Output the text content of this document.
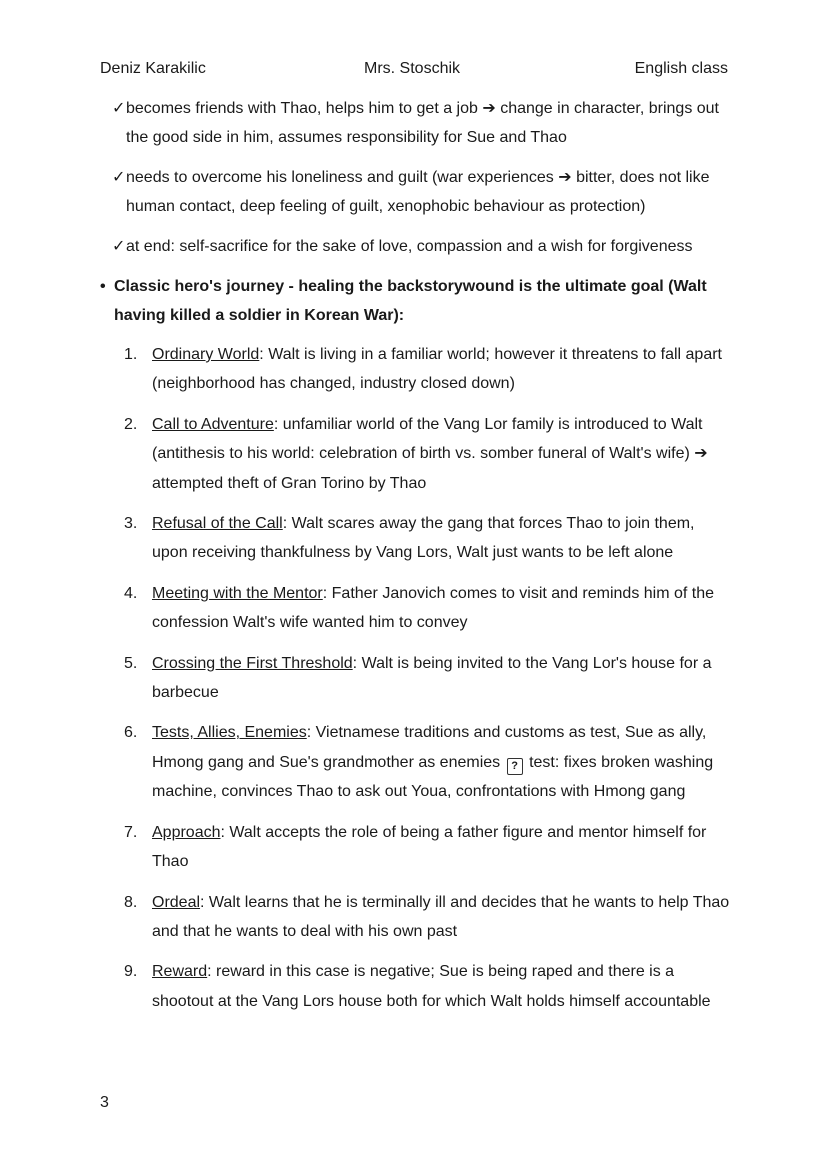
Deniz Karakilic	Mrs. Stoschik	English class
✓ becomes friends with Thao, helps him to get a job ➔ change in character, brings out the good side in him, assumes responsibility for Sue and Thao
✓ needs to overcome his loneliness and guilt (war experiences ➔ bitter, does not like human contact, deep feeling of guilt, xenophobic behaviour as protection)
✓ at end: self-sacrifice for the sake of love, compassion and a wish for forgiveness
• Classic hero's journey - healing the backstorywound is the ultimate goal (Walt having killed a soldier in Korean War):
1. Ordinary World: Walt is living in a familiar world; however it threatens to fall apart (neighborhood has changed, industry closed down)
2. Call to Adventure: unfamiliar world of the Vang Lor family is introduced to Walt (antithesis to his world: celebration of birth vs. somber funeral of Walt's wife) ➔ attempted theft of Gran Torino by Thao
3. Refusal of the Call: Walt scares away the gang that forces Thao to join them, upon receiving thankfulness by Vang Lors, Walt just wants to be left alone
4. Meeting with the Mentor: Father Janovich comes to visit and reminds him of the confession Walt's wife wanted him to convey
5. Crossing the First Threshold: Walt is being invited to the Vang Lor's house for a barbecue
6. Tests, Allies, Enemies: Vietnamese traditions and customs as test, Sue as ally, Hmong gang and Sue's grandmother as enemies ? test: fixes broken washing machine, convinces Thao to ask out Youa, confrontations with Hmong gang
7. Approach: Walt accepts the role of being a father figure and mentor himself for Thao
8. Ordeal: Walt learns that he is terminally ill and decides that he wants to help Thao and that he wants to deal with his own past
9. Reward: reward in this case is negative; Sue is being raped and there is a shootout at the Vang Lors house both for which Walt holds himself accountable
3
